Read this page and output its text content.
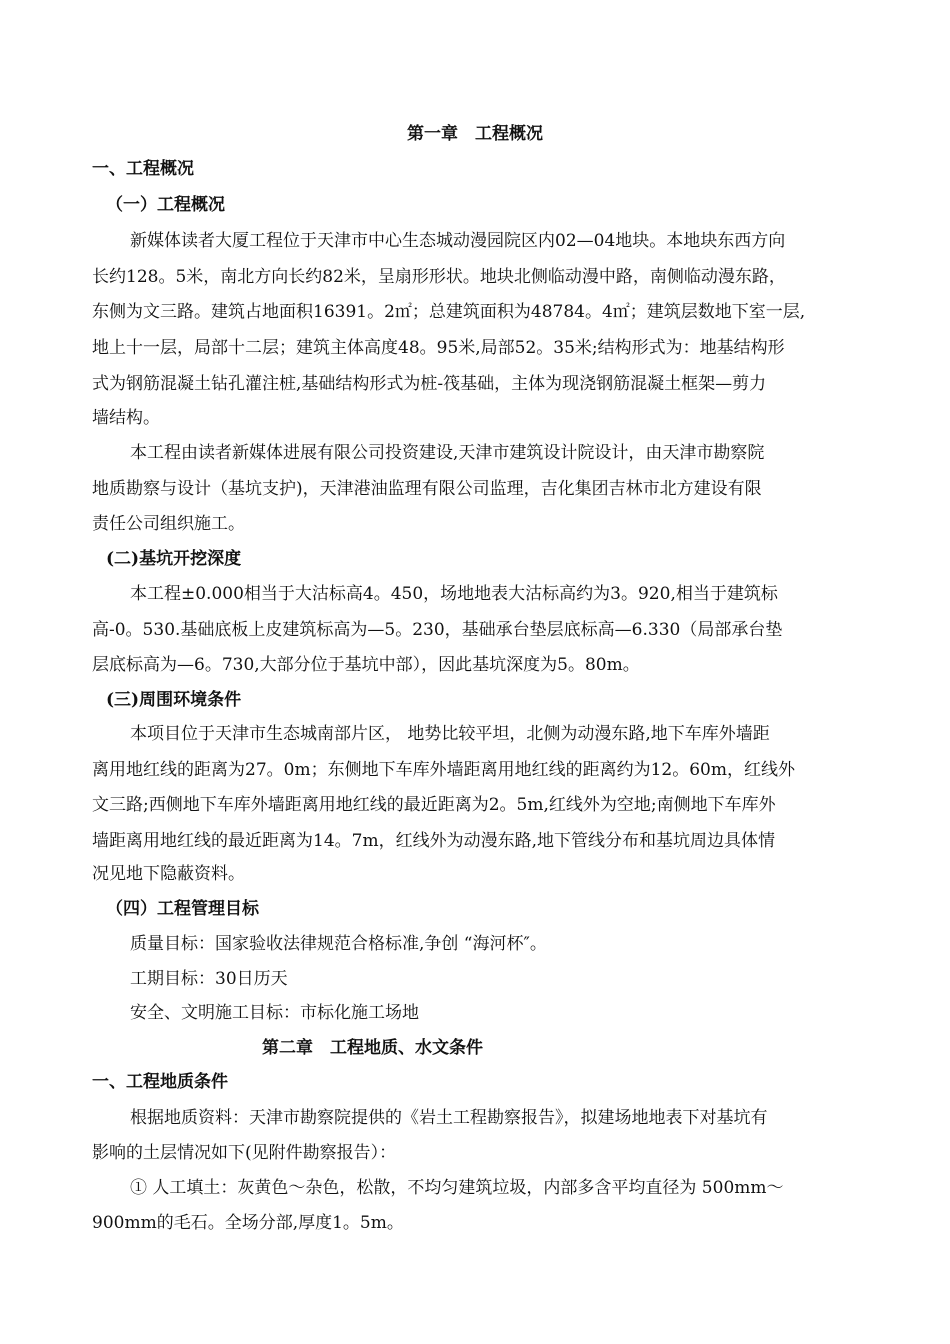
第一章　工程概况
一、工程概况
（一）工程概况
新媒体读者大厦工程位于天津市中心生态城动漫园院区内02—04地块。本地块东西方向
长约128。5米，南北方向长约82米，呈扇形形状。地块北侧临动漫中路，南侧临动漫东路，
东侧为文三路。建筑占地面积16391。2㎡；总建筑面积为48784。4㎡；建筑层数地下室一层,
地上十一层，局部十二层；建筑主体高度48。95米,局部52。35米;结构形式为：地基结构形
式为钢筋混凝土钻孔灌注桩,基础结构形式为桩-筏基础，主体为现浇钢筋混凝土框架—剪力
墙结构。
本工程由读者新媒体进展有限公司投资建设,天津市建筑设计院设计，由天津市勘察院
地质勘察与设计（基坑支护)，天津港油监理有限公司监理，吉化集团吉林市北方建设有限
责任公司组织施工。
(二)基坑开挖深度
本工程±0.000相当于大沽标高4。450，场地地表大沽标高约为3。920,相当于建筑标
高-0。530.基础底板上皮建筑标高为—5。230，基础承台垫层底标高—6.330（局部承台垫
层底标高为—6。730,大部分位于基坑中部），因此基坑深度为5。80m。
(三)周围环境条件
本项目位于天津市生态城南部片区， 地势比较平坦，北侧为动漫东路,地下车库外墙距
离用地红线的距离为27。0m；东侧地下车库外墙距离用地红线的距离约为12。60m，红线外
文三路;西侧地下车库外墙距离用地红线的最近距离为2。5m,红线外为空地;南侧地下车库外
墙距离用地红线的最近距离为14。7m，红线外为动漫东路,地下管线分布和基坑周边具体情
况见地下隐蔽资料。
（四）工程管理目标
质量目标：国家验收法律规范合格标准,争创 “海河杯″。
工期目标：30日历天
安全、文明施工目标：市标化施工场地
第二章　工程地质、水文条件
一、工程地质条件
根据地质资料：天津市勘察院提供的《岩土工程勘察报告》，拟建场地地表下对基坑有
影响的土层情况如下(见附件勘察报告）：
① 人工填土：灰黄色～杂色，松散，不均匀建筑垃圾，内部多含平均直径为 500mm～
900mm的毛石。全场分部,厚度1。5m。
